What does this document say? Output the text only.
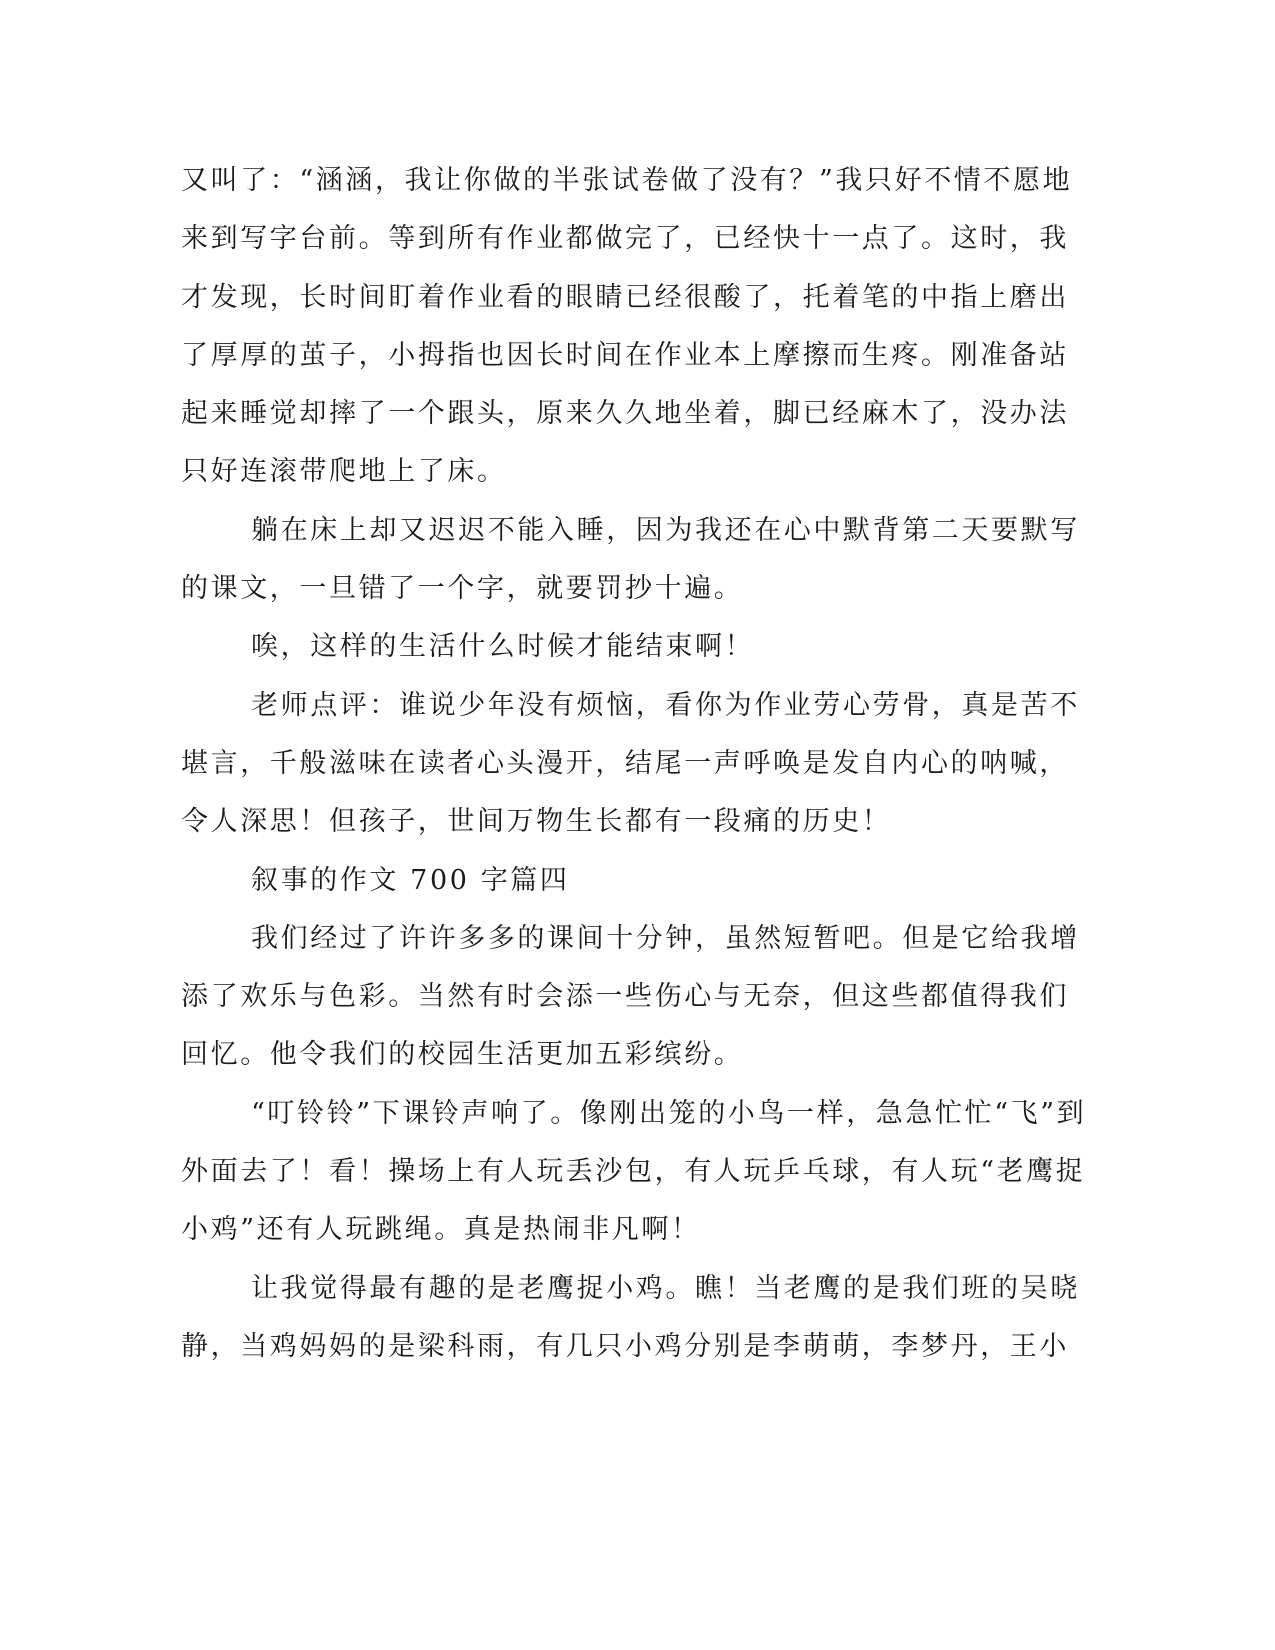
又叫了：“涵涵，我让你做的半张试卷做了没有？”我只好不情不愿地
来到写字台前。等到所有作业都做完了，已经快十一点了。这时，我
才发现，长时间盯着作业看的眼睛已经很酸了，托着笔的中指上磨出
了厚厚的茧子，小拇指也因长时间在作业本上摩擦而生疼。刚准备站
起来睡觉却摔了一个跟头，原来久久地坐着，脚已经麻木了，没办法
只好连滚带爬地上了床。
躺在床上却又迟迟不能入睡，因为我还在心中默背第二天要默写
的课文，一旦错了一个字，就要罚抄十遍。
唉，这样的生活什么时候才能结束啊！
老师点评：谁说少年没有烦恼，看你为作业劳心劳骨，真是苦不
堪言，千般滋味在读者心头漫开，结尾一声呼唤是发自内心的呐喊，
令人深思！但孩子，世间万物生长都有一段痛的历史！
叙事的作文 700 字篇四
我们经过了许许多多的课间十分钟，虽然短暂吧。但是它给我增
添了欢乐与色彩。当然有时会添一些伤心与无奈，但这些都值得我们
回忆。他令我们的校园生活更加五彩缤纷。
“叮铃铃”下课铃声响了。像刚出笼的小鸟一样，急急忙忙“飞”到
外面去了！看！操场上有人玩丢沙包，有人玩乒乓球，有人玩“老鹰捉
小鸡”还有人玩跳绳。真是热闹非凡啊！
让我觉得最有趣的是老鹰捉小鸡。瞧！当老鹰的是我们班的吴晓
静，当鸡妈妈的是梁科雨，有几只小鸡分别是李萌萌，李梦丹，王小
